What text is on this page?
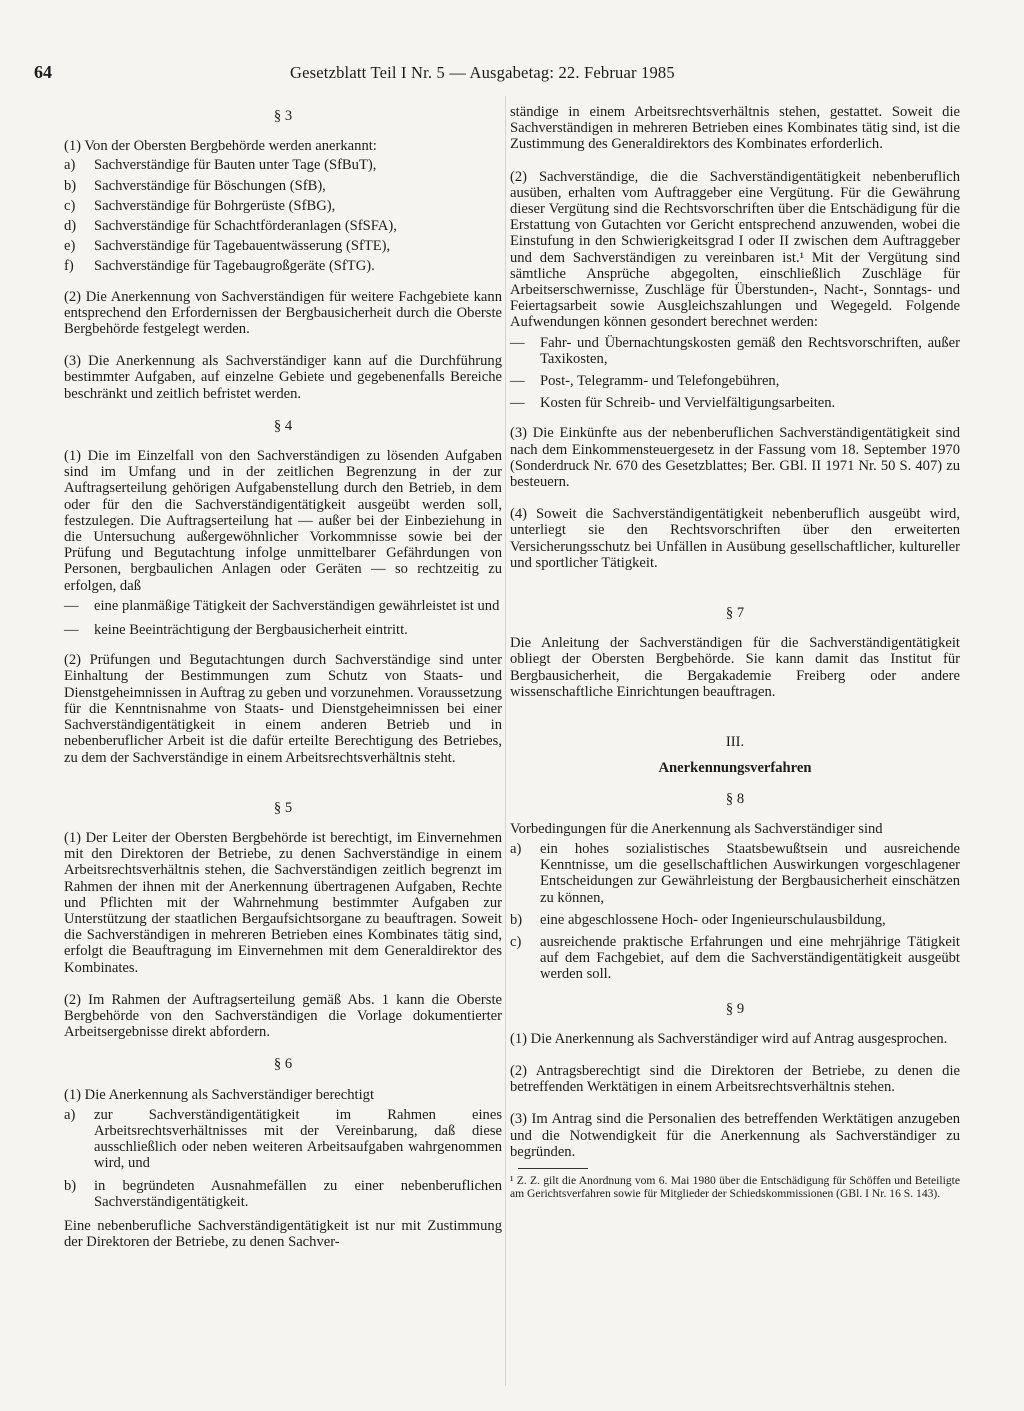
64	Gesetzblatt Teil I Nr. 5 — Ausgabetag: 22. Februar 1985
§ 3

(1) Von der Obersten Bergbehörde werden anerkannt:

a) Sachverständige für Bauten unter Tage (SfBuT),
b) Sachverständige für Böschungen (SfB),
c) Sachverständige für Bohrgerüste (SfBG),
d) Sachverständige für Schachtförderanlagen (SfSFA),
e) Sachverständige für Tagebauentwässerung (SfTE),
f) Sachverständige für Tagebaugroßgeräte (SfTG).

(2) Die Anerkennung von Sachverständigen für weitere Fachgebiete kann entsprechend den Erfordernissen der Bergbausicherheit durch die Oberste Bergbehörde festgelegt werden.

(3) Die Anerkennung als Sachverständiger kann auf die Durchführung bestimmter Aufgaben, auf einzelne Gebiete und gegebenenfalls Bereiche beschränkt und zeitlich befristet werden.

§ 4

(1) Die im Einzelfall von den Sachverständigen zu lösenden Aufgaben sind im Umfang und in der zeitlichen Begrenzung in der zur Auftragserteilung gehörigen Aufgabenstellung durch den Betrieb, in dem oder für den die Sachverständigentätigkeit ausgeübt werden soll, festzulegen. Die Auftragserteilung hat — außer bei der Einbeziehung in die Untersuchung außergewöhnlicher Vorkommnisse sowie bei der Prüfung und Begutachtung infolge unmittelbarer Gefährdungen von Personen, bergbaulichen Anlagen oder Geräten — so rechtzeitig zu erfolgen, daß

— eine planmäßige Tätigkeit der Sachverständigen gewährleistet ist und
— keine Beeinträchtigung der Bergbausicherheit eintritt.

(2) Prüfungen und Begutachtungen durch Sachverständige sind unter Einhaltung der Bestimmungen zum Schutz von Staats- und Dienstgeheimnissen in Auftrag zu geben und vorzunehmen. Voraussetzung für die Kenntnisnahme von Staats- und Dienstgeheimnissen bei einer Sachverständigentätigkeit in einem anderen Betrieb und in nebenberuflicher Arbeit ist die dafür erteilte Berechtigung des Betriebes, zu dem der Sachverständige in einem Arbeitsrechtsverhältnis steht.

§ 5

(1) Der Leiter der Obersten Bergbehörde ist berechtigt, im Einvernehmen mit den Direktoren der Betriebe, zu denen Sachverständige in einem Arbeitsrechtsverhältnis stehen, die Sachverständigen zeitlich begrenzt im Rahmen der ihnen mit der Anerkennung übertragenen Aufgaben, Rechte und Pflichten mit der Wahrnehmung bestimmter Aufgaben zur Unterstützung der staatlichen Bergaufsichtsorgane zu beauftragen. Soweit die Sachverständigen in mehreren Betrieben eines Kombinates tätig sind, erfolgt die Beauftragung im Einvernehmen mit dem Generaldirektor des Kombinates.

(2) Im Rahmen der Auftragserteilung gemäß Abs. 1 kann die Oberste Bergbehörde von den Sachverständigen die Vorlage dokumentierter Arbeitsergebnisse direkt abfordern.

§ 6

(1) Die Anerkennung als Sachverständiger berechtigt

a) zur Sachverständigentätigkeit im Rahmen eines Arbeitsrechtsverhältnisses mit der Vereinbarung, daß diese ausschließlich oder neben weiteren Arbeitsaufgaben wahrgenommen wird, und
b) in begründeten Ausnahmefällen zu einer nebenberuflichen Sachverständigentätigkeit.

Eine nebenberufliche Sachverständigentätigkeit ist nur mit Zustimmung der Direktoren der Betriebe, zu denen Sachver-

ständige in einem Arbeitsrechtsverhältnis stehen, gestattet. Soweit die Sachverständigen in mehreren Betrieben eines Kombinates tätig sind, ist die Zustimmung des Generaldirektors des Kombinates erforderlich.

(2) Sachverständige, die die Sachverständigentätigkeit nebenberuflich ausüben, erhalten vom Auftraggeber eine Vergütung. Für die Gewährung dieser Vergütung sind die Rechtsvorschriften über die Entschädigung für die Erstattung von Gutachten vor Gericht entsprechend anzuwenden, wobei die Einstufung in den Schwierigkeitsgrad I oder II zwischen dem Auftraggeber und dem Sachverständigen zu vereinbaren ist.¹ Mit der Vergütung sind sämtliche Ansprüche abgegolten, einschließlich Zuschläge für Arbeitserschwernisse, Zuschläge für Überstunden-, Nacht-, Sonntags- und Feiertagsarbeit sowie Ausgleichszahlungen und Wegegeld. Folgende Aufwendungen können gesondert berechnet werden:

— Fahr- und Übernachtungskosten gemäß den Rechtsvorschriften, außer Taxikosten,
— Post-, Telegramm- und Telefongebühren,
— Kosten für Schreib- und Vervielfältigungsarbeiten.

(3) Die Einkünfte aus der nebenberuflichen Sachverständigentätigkeit sind nach dem Einkommensteuergesetz in der Fassung vom 18. September 1970 (Sonderdruck Nr. 670 des Gesetzblattes; Ber. GBl. II 1971 Nr. 50 S. 407) zu besteuern.

(4) Soweit die Sachverständigentätigkeit nebenberuflich ausgeübt wird, unterliegt sie den Rechtsvorschriften über den erweiterten Versicherungsschutz bei Unfällen in Ausübung gesellschaftlicher, kultureller und sportlicher Tätigkeit.

§ 7

Die Anleitung der Sachverständigen für die Sachverständigentätigkeit obliegt der Obersten Bergbehörde. Sie kann damit das Institut für Bergbausicherheit, die Bergakademie Freiberg oder andere wissenschaftliche Einrichtungen beauftragen.

III.
Anerkennungsverfahren
§ 8

Vorbedingungen für die Anerkennung als Sachverständiger sind

a) ein hohes sozialistisches Staatsbewußtsein und ausreichende Kenntnisse, um die gesellschaftlichen Auswirkungen vorgeschlagener Entscheidungen zur Gewährleistung der Bergbausicherheit einschätzen zu können,
b) eine abgeschlossene Hoch- oder Ingenieurschulausbildung,
c) ausreichende praktische Erfahrungen und eine mehrjährige Tätigkeit auf dem Fachgebiet, auf dem die Sachverständigentätigkeit ausgeübt werden soll.
§ 9

(1) Die Anerkennung als Sachverständiger wird auf Antrag ausgesprochen.

(2) Antragsberechtigt sind die Direktoren der Betriebe, zu denen die betreffenden Werktätigen in einem Arbeitsrechtsverhältnis stehen.

(3) Im Antrag sind die Personalien des betreffenden Werktätigen anzugeben und die Notwendigkeit für die Anerkennung als Sachverständiger zu begründen.

¹ Z. Z. gilt die Anordnung vom 6. Mai 1980 über die Entschädigung für Schöffen und Beteiligte am Gerichtsverfahren sowie für Mitglieder der Schiedskommissionen (GBl. I Nr. 16 S. 143).
